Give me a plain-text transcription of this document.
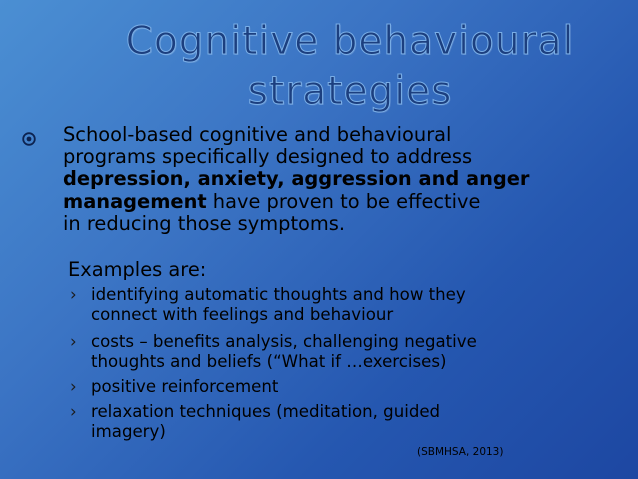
Cognitive behavioural
strategies
School-based cognitive and behavioural
programs specifically designed to address
depression, anxiety, aggression and anger
management have proven to be effective
in reducing those symptoms.
Examples are:
› identifying automatic thoughts and how they
connect with feelings and behaviour
› costs – benefits analysis, challenging negative
thoughts and beliefs (“What if …exercises)
› positive reinforcement
› relaxation techniques (meditation, guided
imagery)
(SBMHSA, 2013)
